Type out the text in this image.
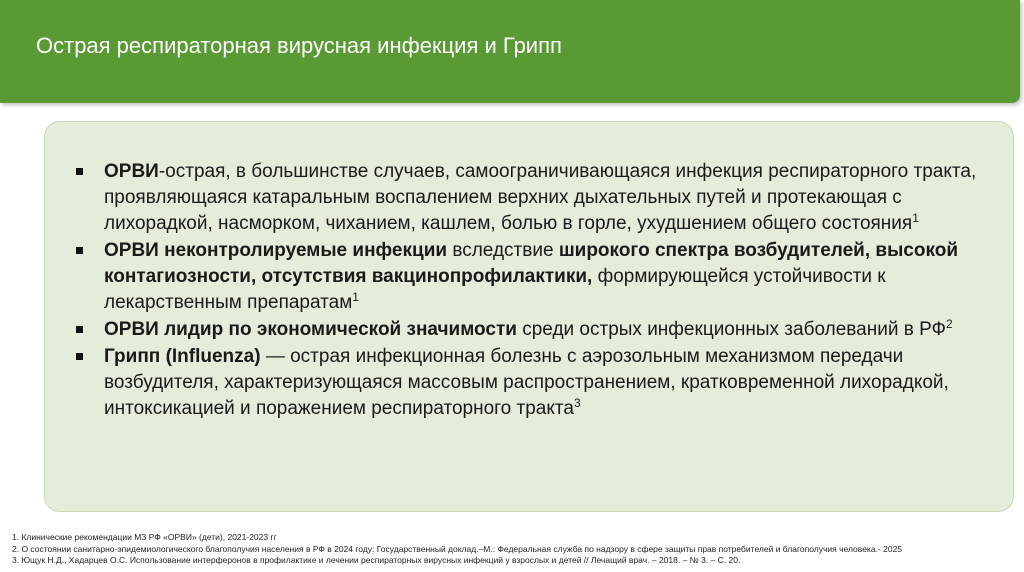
Острая респираторная вирусная инфекция и Грипп
ОРВИ-острая, в большинстве случаев, самоограничивающаяся инфекция респираторного тракта, проявляющаяся катаральным воспалением верхних дыхательных путей и протекающая с лихорадкой, насморком, чиханием, кашлем, болью в горле, ухудшением общего состояния$^1$
ОРВИ неконтролируемые инфекции вследствие широкого спектра возбудителей, высокой контагиозности, отсутствия вакцинопрофилактики, формирующейся устойчивости к лекарственным препаратам$^1$
ОРВИ лидир по экономической значимости среди острых инфекционных заболеваний в $РФ^2$
Грипп (Influenza) — острая инфекционная болезнь с аэрозольным механизмом передачи возбудителя, характеризующаяся массовым распространением, кратковременной лихорадкой, интоксикацией и поражением респираторного тракта$^3$
1. Клинические рекомендации МЗ РФ «ОРВИ» (дети), 2021-2023 гг
2. О состоянии санитарно-эпидемиологического благополучия населения в РФ в 2024 году: Государственный доклад.–М.: Федеральная служба по надзору в сфере защиты прав потребителей и благополучия человека.- 2025
3. Ющук Н.Д., Хадарцев О.С. Использование интерферонов в профилактике и лечении респираторных вирусных инфекций у взрослых и детей // Лечащий врач. – 2018. – № 3. – С. 20.
